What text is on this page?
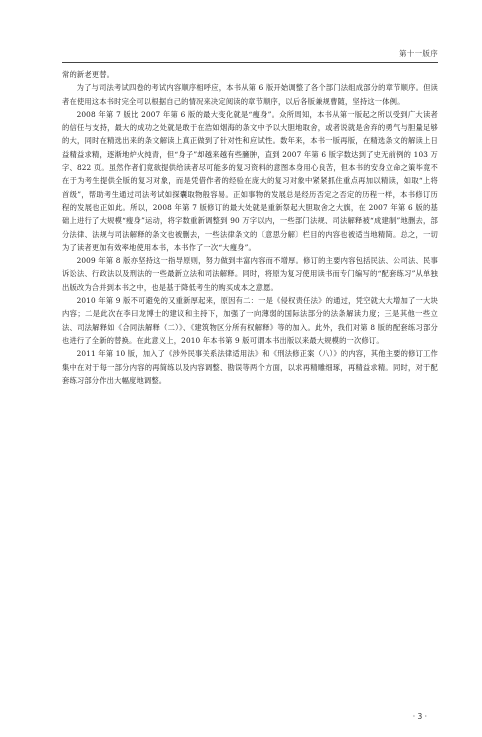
第十一版序

常的新老更替。

为了与司法考试四卷的考试内容顺序相呼应，本书从第 6 版开始调整了各个部门法组成部分的章节顺序。但读者在使用这本书时完全可以根据自己的情况来决定阅读的章节顺序，以后各版兼规曹随，坚持这一体例。

2008 年第 7 版比 2007 年第 6 版的最大变化就是“瘦身”。众所周知，本书从第一版起之所以受到广大读者的信任与支持，最大的成功之处就是敢于在浩如烟海的条文中予以大胆地取舍，或者说就是舍弃的勇气与胆量足够的大，同时在精选出来的条文解读上真正做到了针对性和应试性。数年来，本书一版再版，在精选条文的解读上日益精益求精，逐渐地炉火纯青，但“身子”却越来越有些臃肿，直到 2007 年第 6 版字数达到了史无前例的 103 万字、822 页。虽然作者们竟欲提供给读者尽可能多的复习资料的意图本身用心良苦，但本书的安身立命之策毕竟不在于为考生提供全版的复习对象，而是凭借作者的经验在庞大的复习对象中紧紧抓住重点再加以精读，如取“上将首级”，帮助考生通过司法考试如探囊取物般容易。正如事物的发展总是经历否定之否定的历程一样，本书修订历程的发展也正如此。所以，2008 年第 7 版修订的最大处就是重新祭起大胆取舍之大旗，在 2007 年第 6 版的基础上进行了大规模“瘦身”运动，将字数重新调整到 90 万字以内，一些部门法规、司法解释被“成建制”地删去，部分法律、法规与司法解释的条文也被删去，一些法律条文的〔意思分解〕栏目的内容也被适当地精简。总之，一切为了读者更加有效率地使用本书，本书作了一次“大瘦身”。

2009 年第 8 版亦坚持这一指导原则，努力做到丰富内容而不增厚。修订的主要内容包括民法、公司法、民事诉讼法、行政法以及刑法的一些最新立法和司法解释。同时，将原为复习使用读书而专门编写的“配套练习”从单独出版改为合并到本书之中，也是基于降低考生的购买成本之意愿。

2010 年第 9 版不可避免的又重新厚起来，原因有二：一是《侵权责任法》的通过，凭空就大大增加了一大块内容；二是此次在李曰龙博士的建议和主持下，加强了一向薄弱的国际法部分的法条解读力度；三是其他一些立法、司法解释如《合同法解释（二）》、《建筑物区分所有权解释》等的加入。此外，我们对第 8 版的配套练习部分也进行了全新的替换。在此意义上，2010 年本书第 9 版可谓本书出版以来最大规模的一次修订。

2011 年第 10 版，加入了《涉外民事关系法律适用法》和《刑法修正案（八）》的内容，其他主要的修订工作集中在对于每一部分内容的再简练以及内容调整、勘误等两个方面，以求再精雕细琢，再精益求精。同时，对于配套练习部分作出大幅度地调整。

· 3 ·
